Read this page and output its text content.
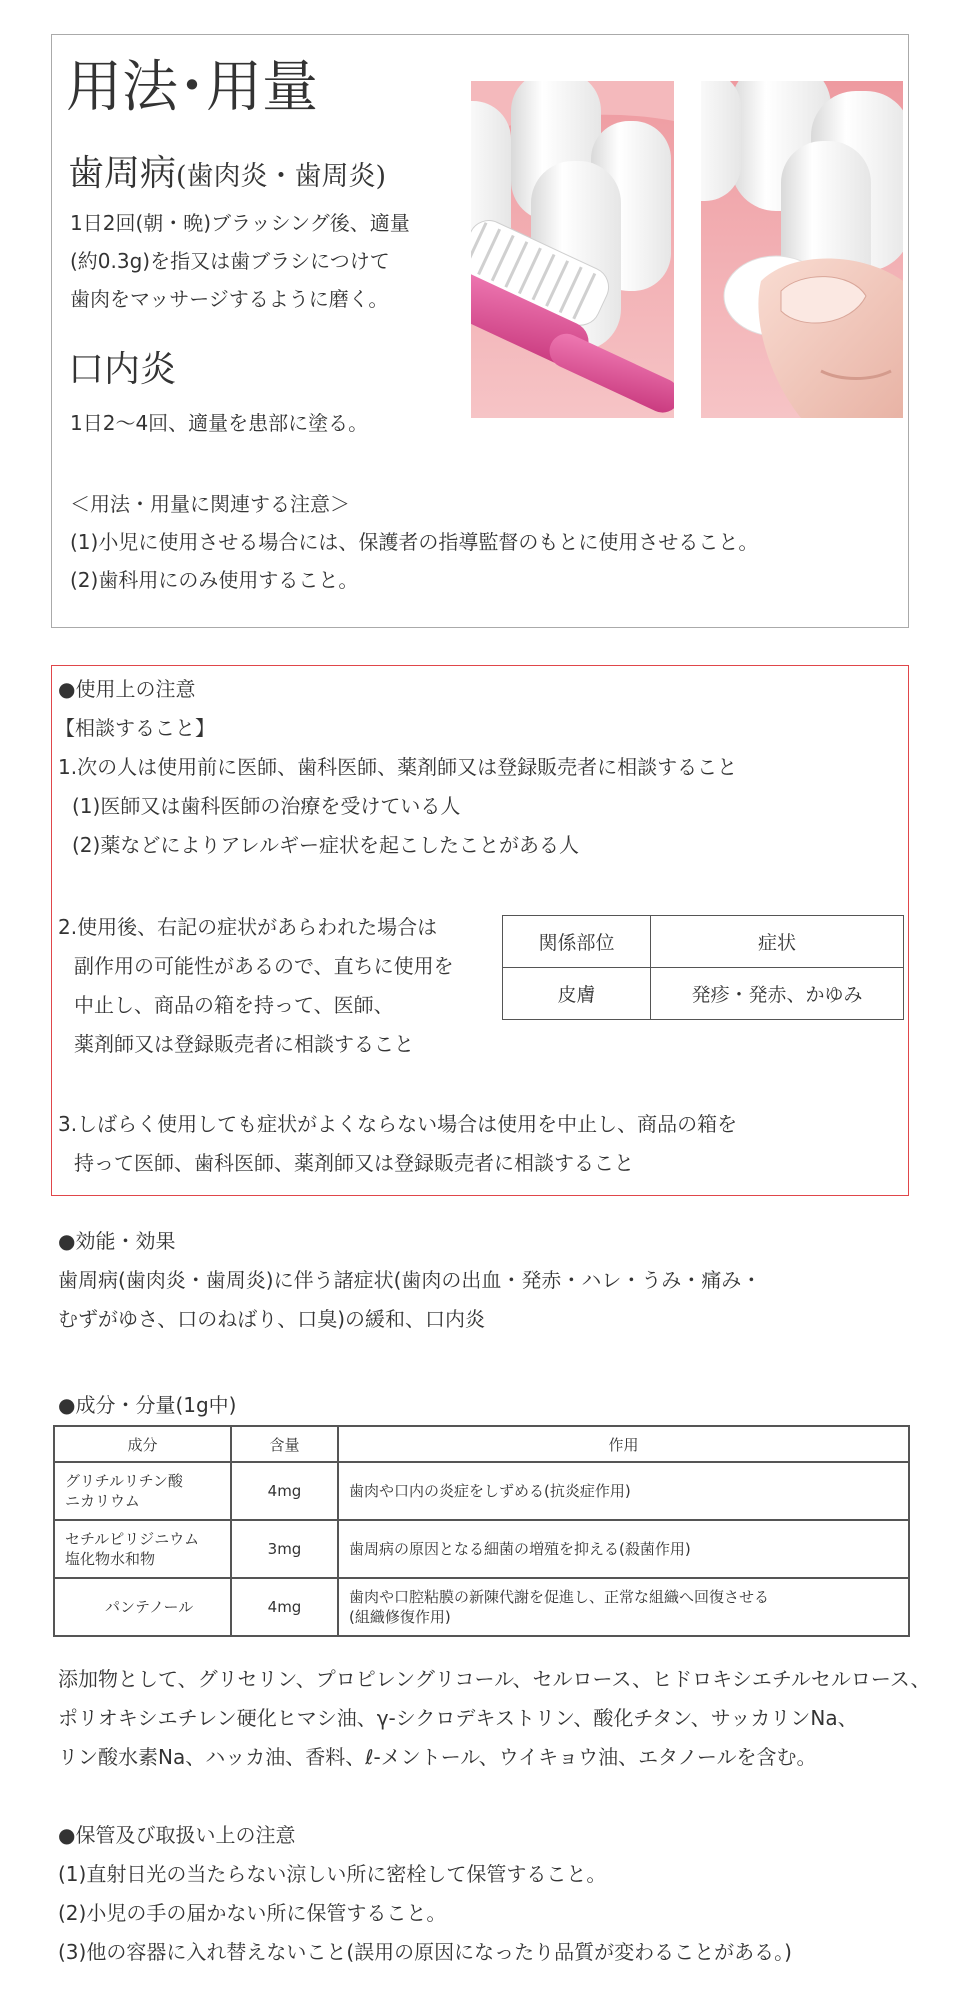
用法･用量
歯周病(歯肉炎・歯周炎)
1日2回(朝・晩)ブラッシング後、適量
(約0.3g)を指又は歯ブラシにつけて
歯肉をマッサージするように磨く。
口内炎
1日2～4回、適量を患部に塗る。
＜用法・用量に関連する注意＞
(1)小児に使用させる場合には、保護者の指導監督のもとに使用させること。
(2)歯科用にのみ使用すること。
●使用上の注意
【相談すること】
1.次の人は使用前に医師、歯科医師、薬剤師又は登録販売者に相談すること
(1)医師又は歯科医師の治療を受けている人
(2)薬などによりアレルギー症状を起こしたことがある人
2.使用後、右記の症状があらわれた場合は
副作用の可能性があるので、直ちに使用を
中止し、商品の箱を持って、医師、
薬剤師又は登録販売者に相談すること
関係部位	症状
皮膚	発疹・発赤、かゆみ
3.しばらく使用しても症状がよくならない場合は使用を中止し、商品の箱を
持って医師、歯科医師、薬剤師又は登録販売者に相談すること
●効能・効果
歯周病(歯肉炎・歯周炎)に伴う諸症状(歯肉の出血・発赤・ハレ・うみ・痛み・
むずがゆさ、口のねばり、口臭)の緩和、口内炎
●成分・分量(1g中)
成分	含量	作用

グリチルリチン酸
ニカリウム	4mg	歯肉や口内の炎症をしずめる(抗炎症作用)

セチルピリジニウム
塩化物水和物	3mg	歯周病の原因となる細菌の増殖を抑える(殺菌作用)

パンテノール	4mg	歯肉や口腔粘膜の新陳代謝を促進し、正常な組織へ回復させる
(組織修復作用)
添加物として、グリセリン、プロピレングリコール、セルロース、ヒドロキシエチルセルロース、
ポリオキシエチレン硬化ヒマシ油、γ-シクロデキストリン、酸化チタン、サッカリンNa、
リン酸水素Na、ハッカ油、香料、ℓ-メントール、ウイキョウ油、エタノールを含む。
●保管及び取扱い上の注意
(1)直射日光の当たらない涼しい所に密栓して保管すること。
(2)小児の手の届かない所に保管すること。
(3)他の容器に入れ替えないこと(誤用の原因になったり品質が変わることがある。)
